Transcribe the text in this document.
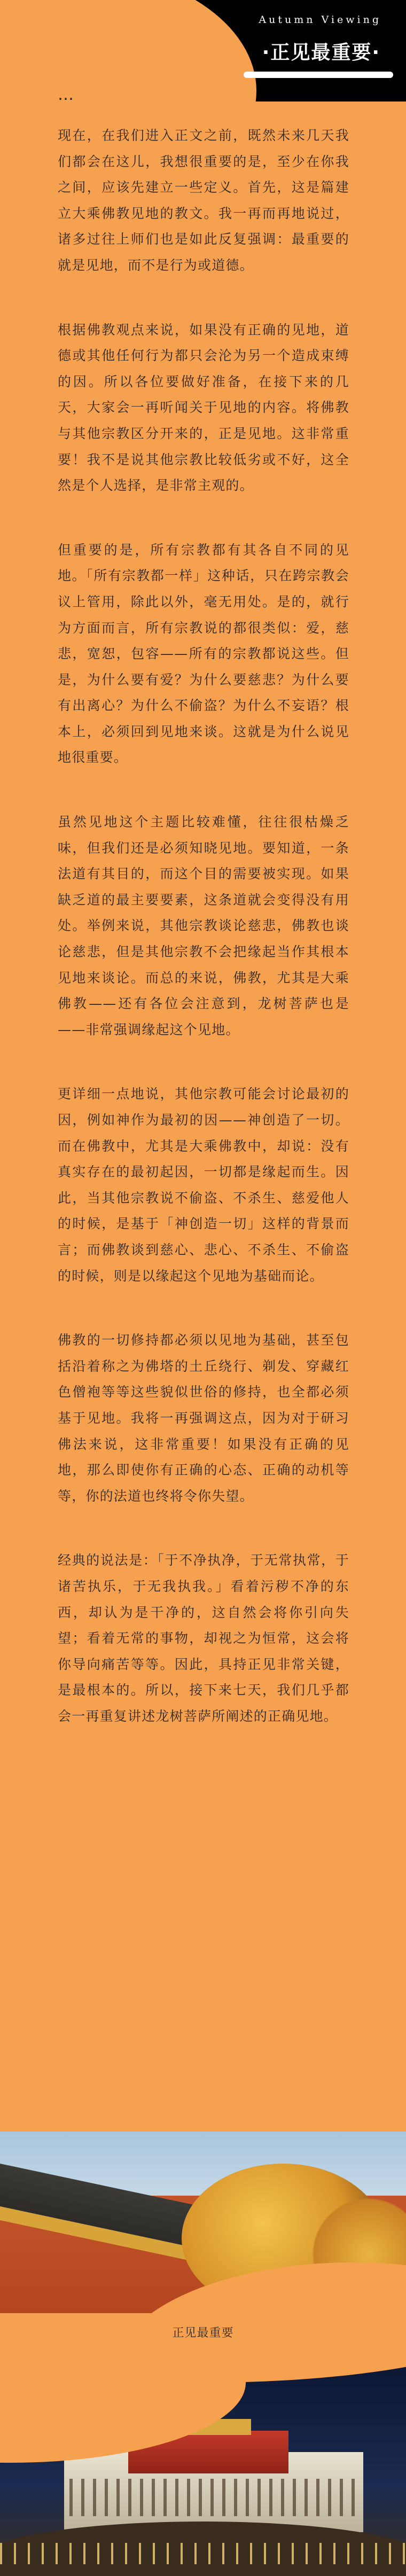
Autumn Viewing
·正见最重要·
…

现在，在我们进入正文之前，既然未来几天我们都会在这儿，我想很重要的是，至少在你我之间，应该先建立一些定义。首先，这是篇建立大乘佛教见地的教文。我一再而再地说过，诸多过往上师们也是如此反复强调：最重要的就是见地，而不是行为或道德。

根据佛教观点来说，如果没有正确的见地，道德或其他任何行为都只会沦为另一个造成束缚的因。所以各位要做好准备，在接下来的几天，大家会一再听闻关于见地的内容。将佛教与其他宗教区分开来的，正是见地。这非常重要！我不是说其他宗教比较低劣或不好，这全然是个人选择，是非常主观的。

但重要的是，所有宗教都有其各自不同的见地。「所有宗教都一样」这种话，只在跨宗教会议上管用，除此以外，毫无用处。是的，就行为方面而言，所有宗教说的都很类似：爱，慈悲，宽恕，包容——所有的宗教都说这些。但是，为什么要有爱？为什么要慈悲？为什么要有出离心？为什么不偷盗？为什么不妄语？根本上，必须回到见地来谈。这就是为什么说见地很重要。

虽然见地这个主题比较难懂，往往很枯燥乏味，但我们还是必须知晓见地。要知道，一条法道有其目的，而这个目的需要被实现。如果缺乏道的最主要要素，这条道就会变得没有用处。举例来说，其他宗教谈论慈悲，佛教也谈论慈悲，但是其他宗教不会把缘起当作其根本见地来谈论。而总的来说，佛教，尤其是大乘佛教——还有各位会注意到，龙树菩萨也是——非常强调缘起这个见地。

更详细一点地说，其他宗教可能会讨论最初的因，例如神作为最初的因——神创造了一切。而在佛教中，尤其是大乘佛教中，却说：没有真实存在的最初起因，一切都是缘起而生。因此，当其他宗教说不偷盗、不杀生、慈爱他人的时候，是基于「神创造一切」这样的背景而言；而佛教谈到慈心、悲心、不杀生、不偷盗的时候，则是以缘起这个见地为基础而论。

佛教的一切修持都必须以见地为基础，甚至包括沿着称之为佛塔的土丘绕行、剃发、穿藏红色僧袍等等这些貌似世俗的修持，也全都必须基于见地。我将一再强调这点，因为对于研习佛法来说，这非常重要！如果没有正确的见地，那么即使你有正确的心态、正确的动机等等，你的法道也终将令你失望。

经典的说法是：「于不净执净，于无常执常，于诸苦执乐，于无我执我。」看着污秽不净的东西，却认为是干净的，这自然会将你引向失望；看着无常的事物，却视之为恒常，这会将你导向痛苦等等。因此，具持正见非常关键，是最根本的。所以，接下来七天，我们几乎都会一再重复讲述龙树菩萨所阐述的正确见地。

正见最重要
